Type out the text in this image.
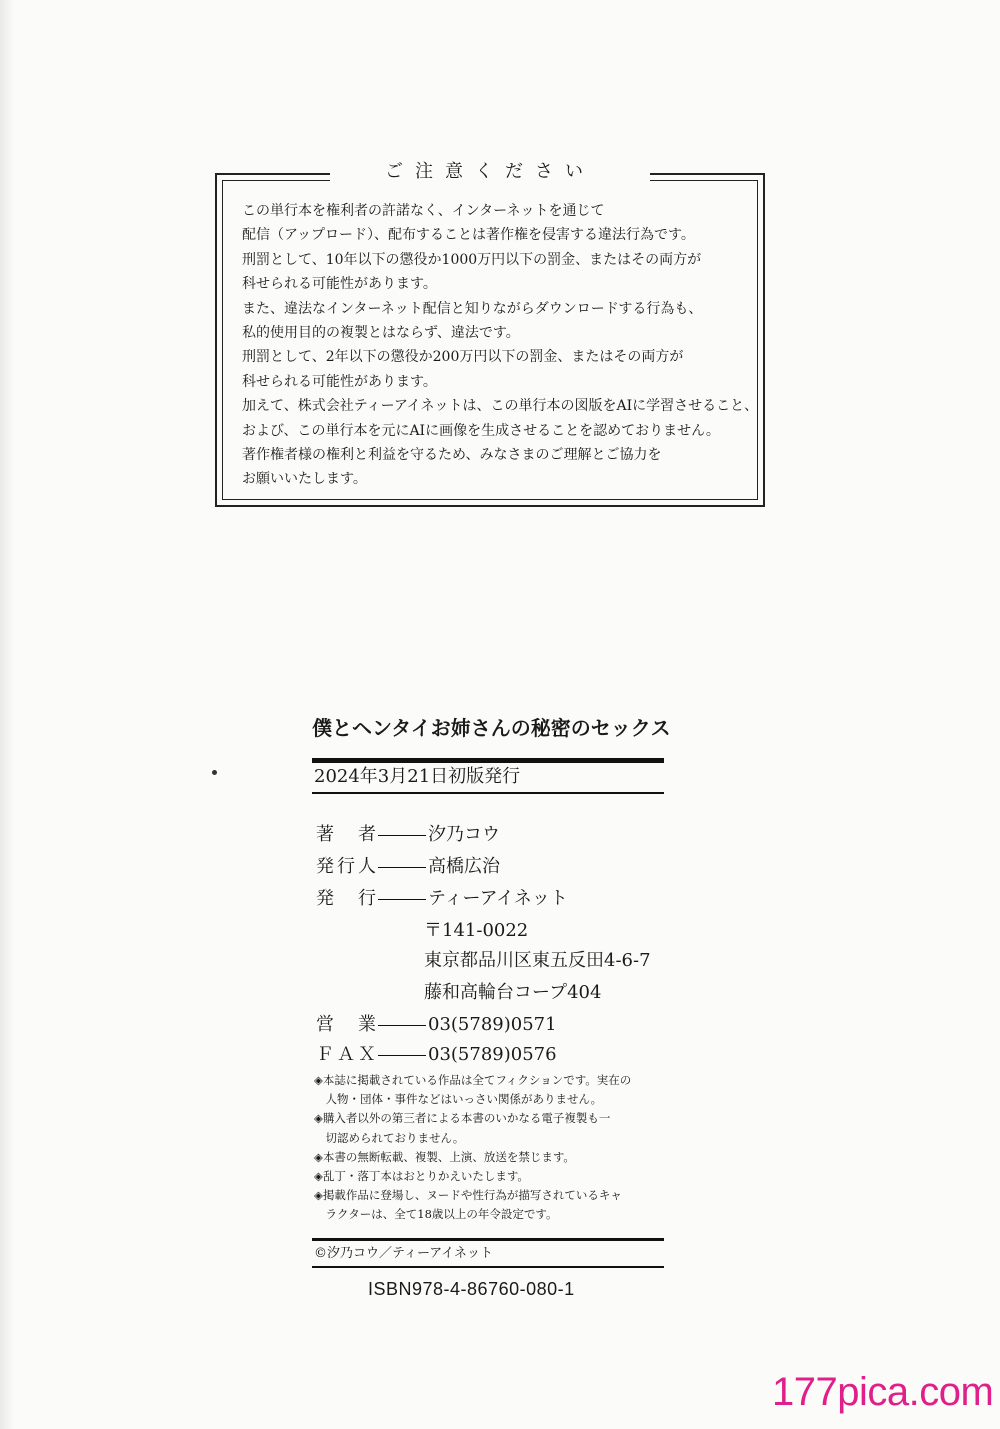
ご注意ください
この単行本を権利者の許諾なく、インターネットを通じて
配信（アップロード）、配布することは著作権を侵害する違法行為です。
刑罰として、10年以下の懲役か1000万円以下の罰金、またはその両方が
科せられる可能性があります。
また、違法なインターネット配信と知りながらダウンロードする行為も、
私的使用目的の複製とはならず、違法です。
刑罰として、2年以下の懲役か200万円以下の罰金、またはその両方が
科せられる可能性があります。
加えて、株式会社ティーアイネットは、この単行本の図版をAIに学習させること、
および、この単行本を元にAIに画像を生成させることを認めておりません。
著作権者様の権利と利益を守るため、みなさまのご理解とご協力を
お願いいたします。
僕とヘンタイお姉さんの秘密のセックス
2024年3月21日初版発行
著　者	汐乃コウ
発行人	高橋広治
発　行	ティーアイネット
〒141-0022
東京都品川区東五反田4-6-7
藤和高輪台コープ404
営　業	03(5789)0571
ＦＡＸ	03(5789)0576
◈本誌に掲載されている作品は全てフィクションです。実在の
　人物・団体・事件などはいっさい関係がありません。
◈購入者以外の第三者による本書のいかなる電子複製も一
　切認められておりません。
◈本書の無断転載、複製、上演、放送を禁じます。
◈乱丁・落丁本はおとりかえいたします。
◈掲載作品に登場し、ヌードや性行為が描写されているキャ
　ラクターは、全て18歳以上の年令設定です。
©汐乃コウ／ティーアイネット
ISBN978-4-86760-080-1
177pica.com
